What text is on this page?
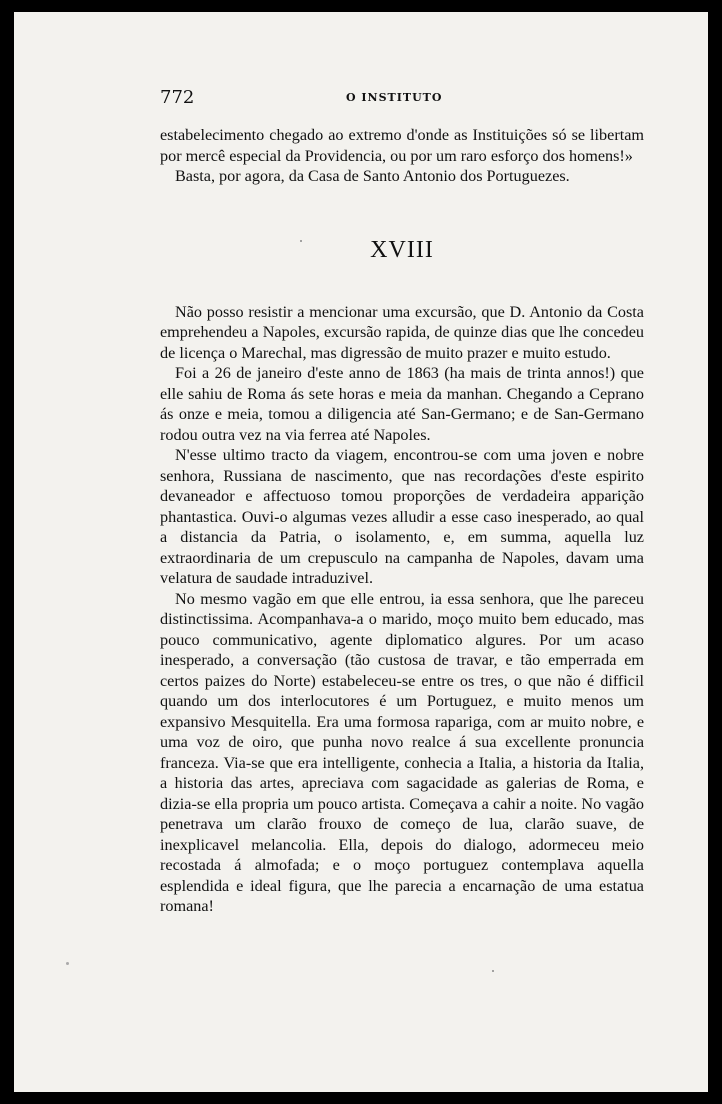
772	O INSTITUTO

estabelecimento chegado ao extremo d'onde as Instituições só se libertam por mercê especial da Providencia, ou por um raro esforço dos homens!»

Basta, por agora, da Casa de Santo Antonio dos Portuguezes.

XVIII

Não posso resistir a mencionar uma excursão, que D. Antonio da Costa emprehendeu a Napoles, excursão rapida, de quinze dias que lhe concedeu de licença o Marechal, mas digressão de muito prazer e muito estudo.

Foi a 26 de janeiro d'este anno de 1863 (ha mais de trinta annos!) que elle sahiu de Roma ás sete horas e meia da manhan. Chegando a Ceprano ás onze e meia, tomou a diligencia até San-Germano; e de San-Germano rodou outra vez na via ferrea até Napoles.

N'esse ultimo tracto da viagem, encontrou-se com uma joven e nobre senhora, Russiana de nascimento, que nas recordações d'este espirito devaneador e affectuoso tomou proporções de verdadeira apparição phantastica. Ouvi-o algumas vezes alludir a esse caso inesperado, ao qual a distancia da Patria, o isolamento, e, em summa, aquella luz extraordinaria de um crepusculo na campanha de Napoles, davam uma velatura de saudade intraduzivel.

No mesmo vagão em que elle entrou, ia essa senhora, que lhe pareceu distinctissima. Acompanhava-a o marido, moço muito bem educado, mas pouco communicativo, agente diplomatico algures. Por um acaso inesperado, a conversação (tão custosa de travar, e tão emperrada em certos paizes do Norte) estabeleceu-se entre os tres, o que não é difficil quando um dos interlocutores é um Portuguez, e muito menos um expansivo Mesquitella. Era uma formosa rapariga, com ar muito nobre, e uma voz de oiro, que punha novo realce á sua excellente pronuncia franceza. Via-se que era intelligente, conhecia a Italia, a historia da Italia, a historia das artes, apreciava com sagacidade as galerias de Roma, e dizia-se ella propria um pouco artista. Começava a cahir a noite. No vagão penetrava um clarão frouxo de começo de lua, clarão suave, de inexplicavel melancolia. Ella, depois do dialogo, adormeceu meio recostada á almofada; e o moço portuguez contemplava aquella esplendida e ideal figura, que lhe parecia a encarnação de uma estatua romana!
